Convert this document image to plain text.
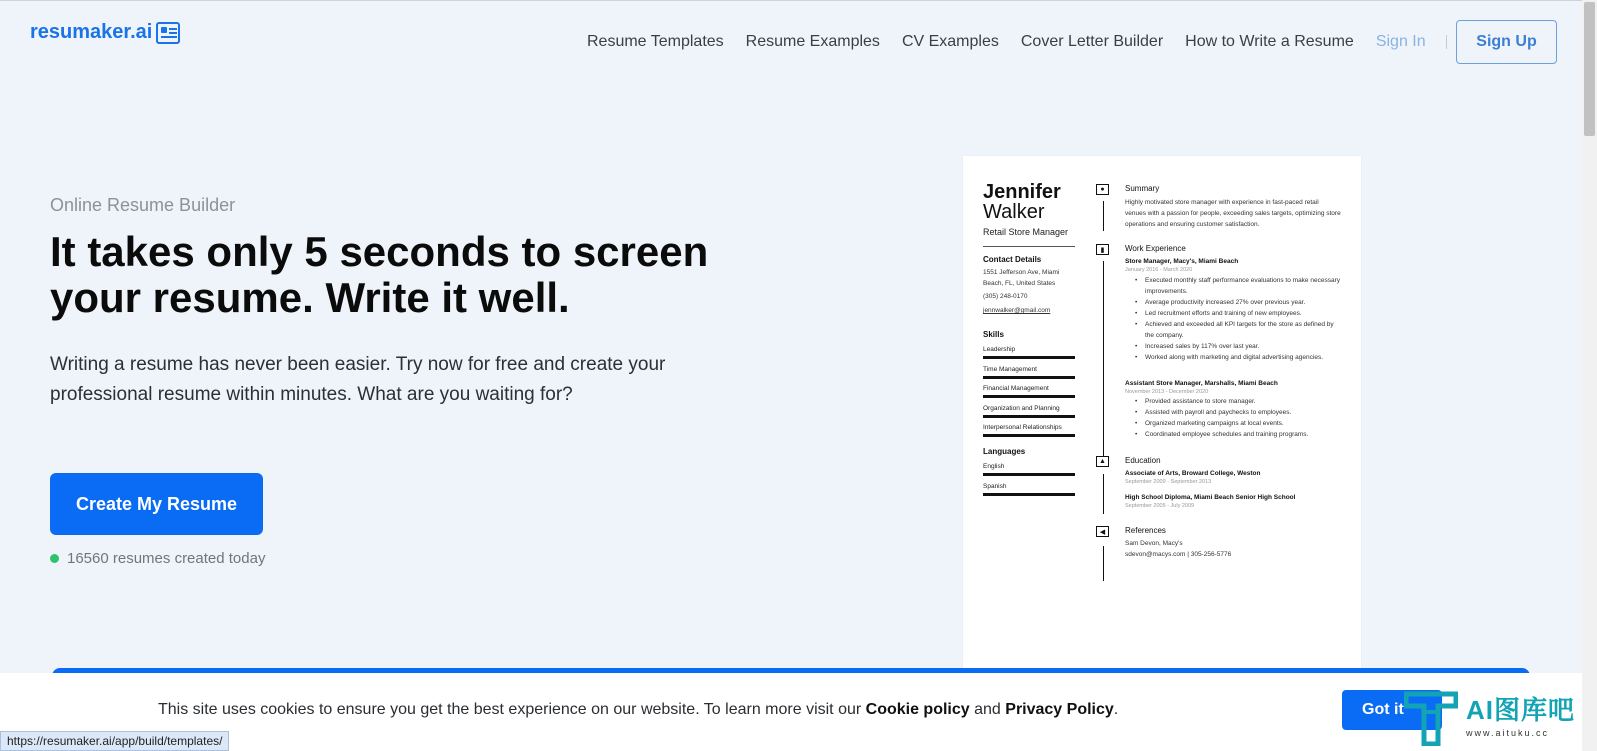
resumaker.ai	Resume Templates Resume Examples CV Examples Cover Letter Builder How to Write a Resume Sign In	Sign Up
Online Resume Builder
It takes only 5 seconds to screen your resume. Write it well.

Writing a resume has never been easier. Try now for free and create your professional resume within minutes. What are you waiting for?

Create My Resume
16560 resumes created today
Jennifer
Walker
Retail Store Manager
Contact Details
1551 Jefferson Ave, Miami
Beach, FL, United States
(305) 248-0170
jennwalker@gmail.com
Skills
Leadership
Time Management
Financial Management
Organization and Planning
Interpersonal Relationships
Languages
English
Spanish
●
▮
▲
◀
Summary
Highly motivated store manager with experience in fast-paced retail venues with a passion for people, exceeding sales targets, optimizing store operations and ensuring customer satisfaction.
Work Experience
Store Manager, Macy's, Miami Beach
January 2016 - March 2020
• Executed monthly staff performance evaluations to make necessary improvements.
• Average productivity increased 27% over previous year.
• Led recruitment efforts and training of new employees.
• Achieved and exceeded all KPI targets for the store as defined by the company.
• Increased sales by 117% over last year.
• Worked along with marketing and digital advertising agencies.
Assistant Store Manager, Marshalls, Miami Beach
November 2013 - December 2020
• Provided assistance to store manager.
• Assisted with payroll and paychecks to employees.
• Organized marketing campaigns at local events.
• Coordinated employee schedules and training programs.
Education
Associate of Arts, Broward College, Weston
September 2009 - September 2013
High School Diploma, Miami Beach Senior High School
September 2005 - July 2009
References
Sam Devon, Macy's
sdevon@macys.com | 305-256-5776
This site uses cookies to ensure you get the best experience on our website. To learn more visit our Cookie policy and Privacy Policy.	Got it
https://resumaker.ai/app/build/templates/
AI图库吧
www.aituku.cc
